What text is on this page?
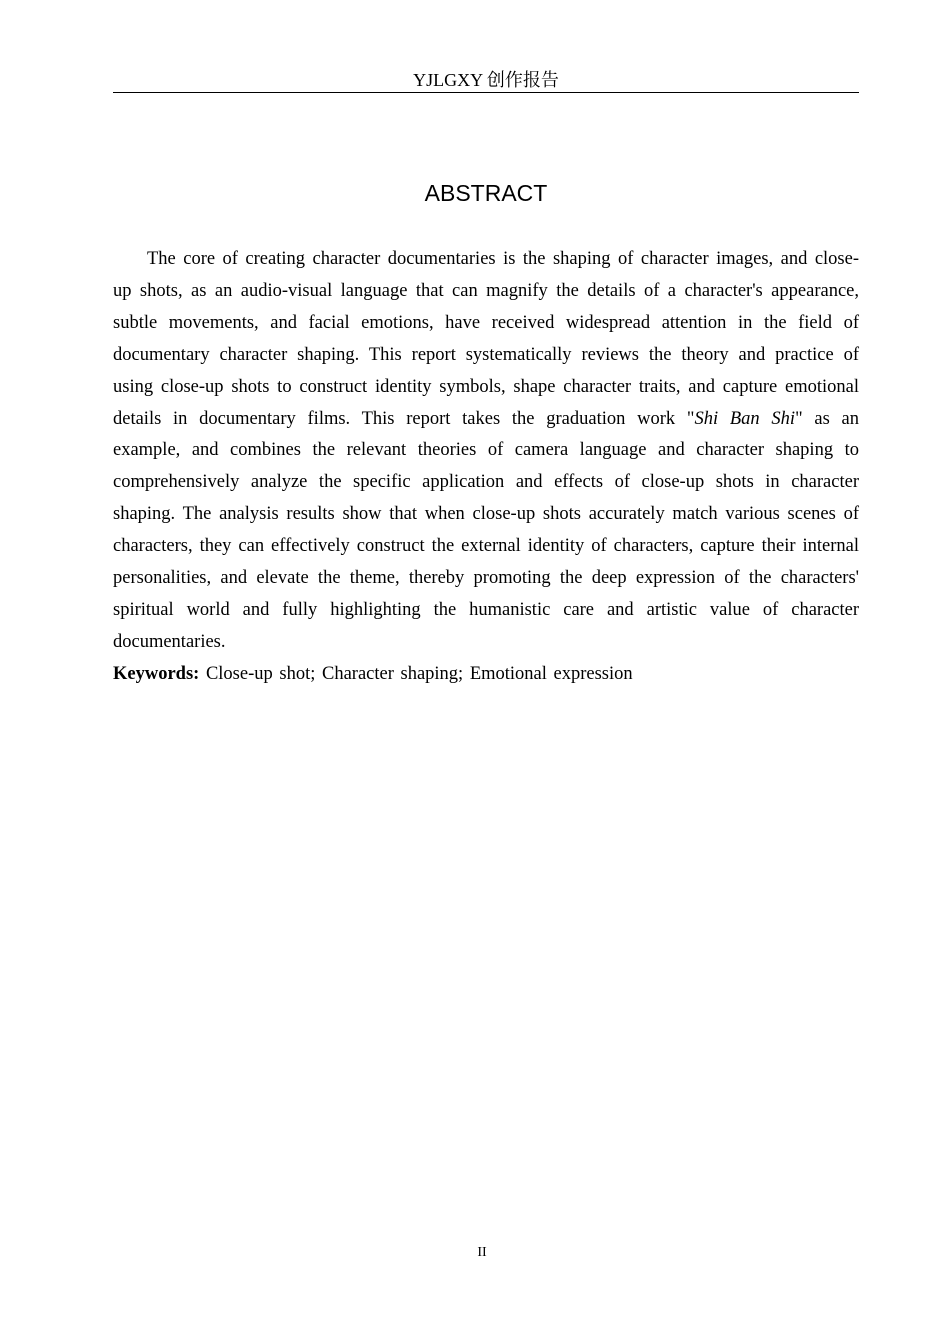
YJLGXY 创作报告
ABSTRACT

The core of creating character documentaries is the shaping of character images, and close-up shots, as an audio-visual language that can magnify the details of a character's appearance, subtle movements, and facial emotions, have received widespread attention in the field of documentary character shaping. This report systematically reviews the theory and practice of using close-up shots to construct identity symbols, shape character traits, and capture emotional details in documentary films. This report takes the graduation work "Shi Ban Shi" as an example, and combines the relevant theories of camera language and character shaping to comprehensively analyze the specific application and effects of close-up shots in character shaping. The analysis results show that when close-up shots accurately match various scenes of characters, they can effectively construct the external identity of characters, capture their internal personalities, and elevate the theme, thereby promoting the deep expression of the characters' spiritual world and fully highlighting the humanistic care and artistic value of character documentaries.

Keywords: Close-up shot; Character shaping; Emotional expression

II
